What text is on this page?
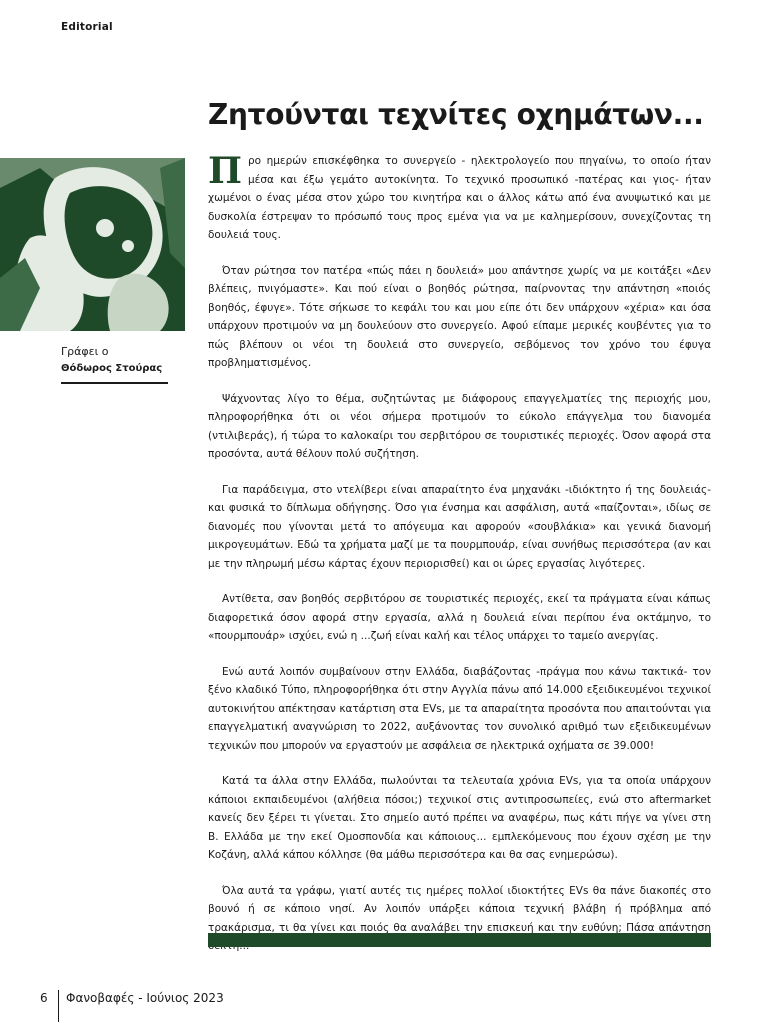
Editorial
Ζητούνται τεχνίτες οχημάτων...
Γράφει ο
Θόδωρος Στούρας

Προ ημερών επισκέφθηκα το συνεργείο - ηλεκτρολογείο που πηγαίνω, το οποίο ήταν μέσα και έξω γεμάτο αυτοκίνητα. Το τεχνικό προσωπικό -πατέρας και γιος- ήταν χωμένοι ο ένας μέσα στον χώρο του κινητήρα και ο άλλος κάτω από ένα ανυψωτικό και με δυσκολία έστρεψαν το πρόσωπό τους προς εμένα για να με καλημερίσουν, συνεχίζοντας τη δουλειά τους.

Όταν ρώτησα τον πατέρα «πώς πάει η δουλειά» μου απάντησε χωρίς να με κοιτάξει «Δεν βλέπεις, πνιγόμαστε». Και πού είναι ο βοηθός ρώτησα, παίρνοντας την απάντηση «ποιός βοηθός, έφυγε». Τότε σήκωσε το κεφάλι του και μου είπε ότι δεν υπάρχουν «χέρια» και όσα υπάρχουν προτιμούν να μη δουλεύουν στο συνεργείο. Αφού είπαμε μερικές κουβέντες για το πώς βλέπουν οι νέοι τη δουλειά στο συνεργείο, σεβόμενος τον χρόνο του έφυγα προβληματισμένος.

Ψάχνοντας λίγο το θέμα, συζητώντας με διάφορους επαγγελματίες της περιοχής μου, πληροφορήθηκα ότι οι νέοι σήμερα προτιμούν το εύκολο επάγγελμα του διανομέα (ντιλιβεράς), ή τώρα το καλοκαίρι του σερβιτόρου σε τουριστικές περιοχές. Όσον αφορά στα προσόντα, αυτά θέλουν πολύ συζήτηση.

Για παράδειγμα, στο ντελίβερι είναι απαραίτητο ένα μηχανάκι -ιδιόκτητο ή της δουλειάς- και φυσικά το δίπλωμα οδήγησης. Όσο για ένσημα και ασφάλιση, αυτά «παίζονται», ιδίως σε διανομές που γίνονται μετά το απόγευμα και αφορούν «σουβλάκια» και γενικά διανομή μικρογευμάτων. Εδώ τα χρήματα μαζί με τα πουρμπουάρ, είναι συνήθως περισσότερα (αν και με την πληρωμή μέσω κάρτας έχουν περιορισθεί) και οι ώρες εργασίας λιγότερες.

Αντίθετα, σαν βοηθός σερβιτόρου σε τουριστικές περιοχές, εκεί τα πράγματα είναι κάπως διαφορετικά όσον αφορά στην εργασία, αλλά η δουλειά είναι περίπου ένα οκτάμηνο, το «πουρμπουάρ» ισχύει, ενώ η ...ζωή είναι καλή και τέλος υπάρχει το ταμείο ανεργίας.

Ενώ αυτά λοιπόν συμβαίνουν στην Ελλάδα, διαβάζοντας -πράγμα που κάνω τακτικά- τον ξένο κλαδικό Τύπο, πληροφορήθηκα ότι στην Αγγλία πάνω από 14.000 εξειδικευμένοι τεχνικοί αυτοκινήτου απέκτησαν κατάρτιση στα EVs, με τα απαραίτητα προσόντα που απαιτούνται για επαγγελματική αναγνώριση το 2022, αυξάνοντας τον συνολικό αριθμό των εξειδικευμένων τεχνικών που μπορούν να εργαστούν με ασφάλεια σε ηλεκτρικά οχήματα σε 39.000!

Κατά τα άλλα στην Ελλάδα, πωλούνται τα τελευταία χρόνια EVs, για τα οποία υπάρχουν κάποιοι εκπαιδευμένοι (αλήθεια πόσοι;) τεχνικοί στις αντιπροσωπείες, ενώ στο aftermarket κανείς δεν ξέρει τι γίνεται. Στο σημείο αυτό πρέπει να αναφέρω, πως κάτι πήγε να γίνει στη Β. Ελλάδα με την εκεί Ομοσπονδία και κάποιους... εμπλεκόμενους που έχουν σχέση με την Κοζάνη, αλλά κάπου κόλλησε (θα μάθω περισσότερα και θα σας ενημερώσω).

Όλα αυτά τα γράφω, γιατί αυτές τις ημέρες πολλοί ιδιοκτήτες EVs θα πάνε διακοπές στο βουνό ή σε κάποιο νησί. Αν λοιπόν υπάρξει κάποια τεχνική βλάβη ή πρόβλημα από τρακάρισμα, τι θα γίνει και ποιός θα αναλάβει την επισκευή και την ευθύνη; Πάσα απάντηση

6 Φανοβαφές - Ιούνιος 2023
